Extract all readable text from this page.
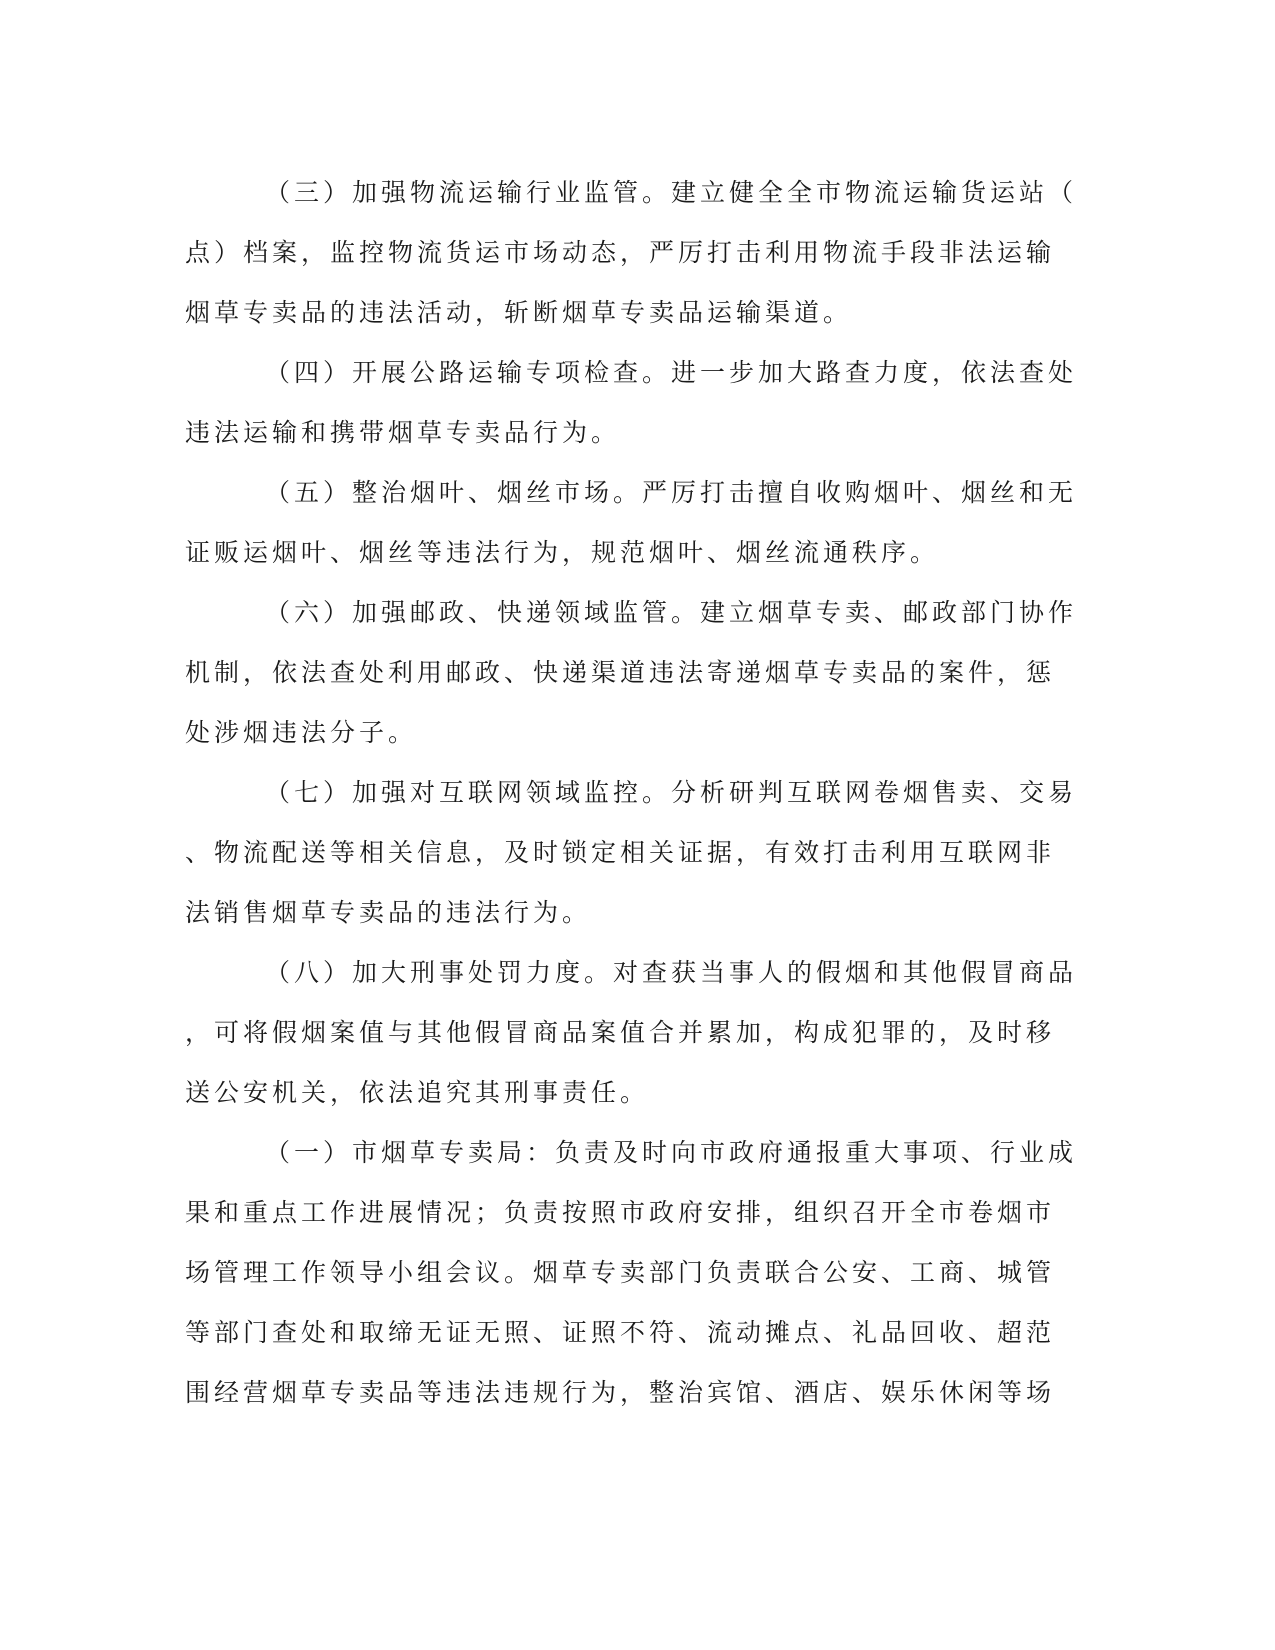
（三）加强物流运输行业监管。建立健全全市物流运输货运站（
点）档案，监控物流货运市场动态，严厉打击利用物流手段非法运输
烟草专卖品的违法活动，斩断烟草专卖品运输渠道。

（四）开展公路运输专项检查。进一步加大路查力度，依法查处
违法运输和携带烟草专卖品行为。

（五）整治烟叶、烟丝市场。严厉打击擅自收购烟叶、烟丝和无
证贩运烟叶、烟丝等违法行为，规范烟叶、烟丝流通秩序。

（六）加强邮政、快递领域监管。建立烟草专卖、邮政部门协作
机制，依法查处利用邮政、快递渠道违法寄递烟草专卖品的案件，惩
处涉烟违法分子。

（七）加强对互联网领域监控。分析研判互联网卷烟售卖、交易
、物流配送等相关信息，及时锁定相关证据，有效打击利用互联网非
法销售烟草专卖品的违法行为。

（八）加大刑事处罚力度。对查获当事人的假烟和其他假冒商品
，可将假烟案值与其他假冒商品案值合并累加，构成犯罪的，及时移
送公安机关，依法追究其刑事责任。

（一）市烟草专卖局：负责及时向市政府通报重大事项、行业成
果和重点工作进展情况；负责按照市政府安排，组织召开全市卷烟市
场管理工作领导小组会议。烟草专卖部门负责联合公安、工商、城管
等部门查处和取缔无证无照、证照不符、流动摊点、礼品回收、超范
围经营烟草专卖品等违法违规行为，整治宾馆、酒店、娱乐休闲等场
